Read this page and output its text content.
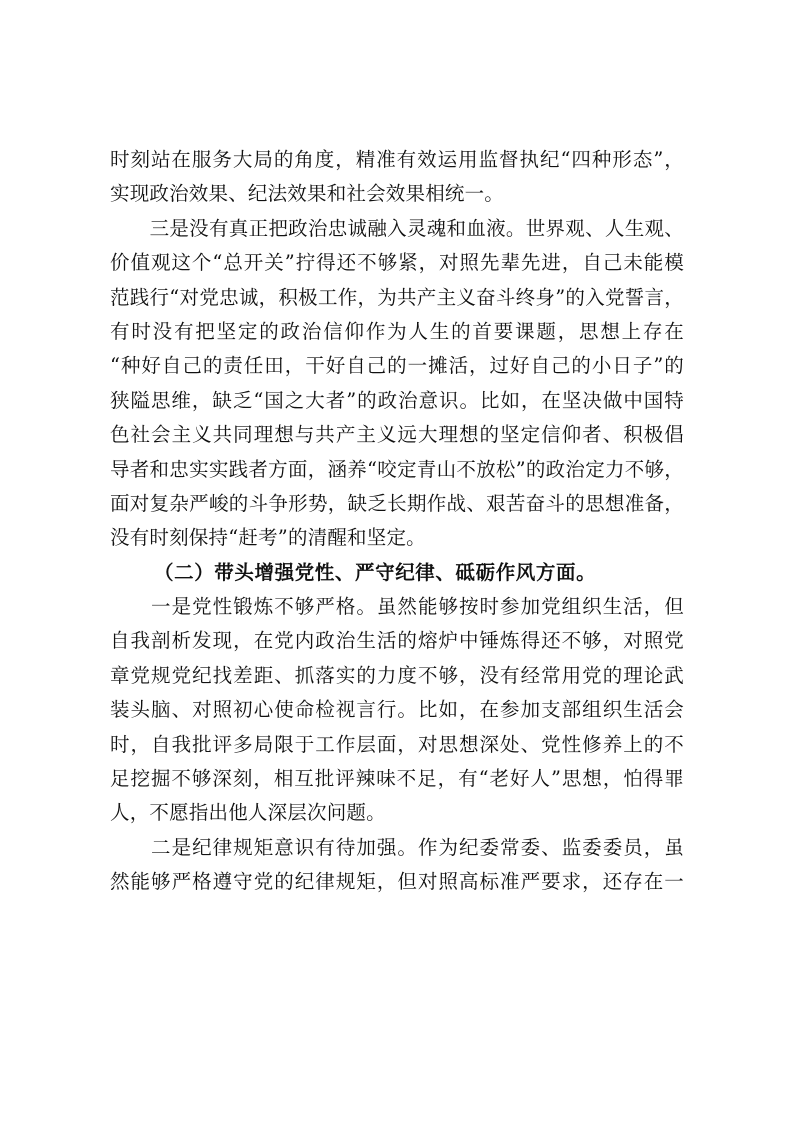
时刻站在服务大局的角度，精准有效运用监督执纪“四种形态”，
实现政治效果、纪法效果和社会效果相统一。
　　三是没有真正把政治忠诚融入灵魂和血液。世界观、人生观、
价值观这个“总开关”拧得还不够紧，对照先辈先进，自己未能模
范践行“对党忠诚，积极工作，为共产主义奋斗终身”的入党誓言，
有时没有把坚定的政治信仰作为人生的首要课题，思想上存在
“种好自己的责任田，干好自己的一摊活，过好自己的小日子”的
狭隘思维，缺乏“国之大者”的政治意识。比如，在坚决做中国特
色社会主义共同理想与共产主义远大理想的坚定信仰者、积极倡
导者和忠实实践者方面，涵养“咬定青山不放松”的政治定力不够，
面对复杂严峻的斗争形势，缺乏长期作战、艰苦奋斗的思想准备，
没有时刻保持“赶考”的清醒和坚定。
（二）带头增强党性、严守纪律、砥砺作风方面。
　　一是党性锻炼不够严格。虽然能够按时参加党组织生活，但
自我剖析发现，在党内政治生活的熔炉中锤炼得还不够，对照党
章党规党纪找差距、抓落实的力度不够，没有经常用党的理论武
装头脑、对照初心使命检视言行。比如，在参加支部组织生活会
时，自我批评多局限于工作层面，对思想深处、党性修养上的不
足挖掘不够深刻，相互批评辣味不足，有“老好人”思想，怕得罪
人，不愿指出他人深层次问题。
　　二是纪律规矩意识有待加强。作为纪委常委、监委委员，虽
然能够严格遵守党的纪律规矩，但对照高标准严要求，还存在一
